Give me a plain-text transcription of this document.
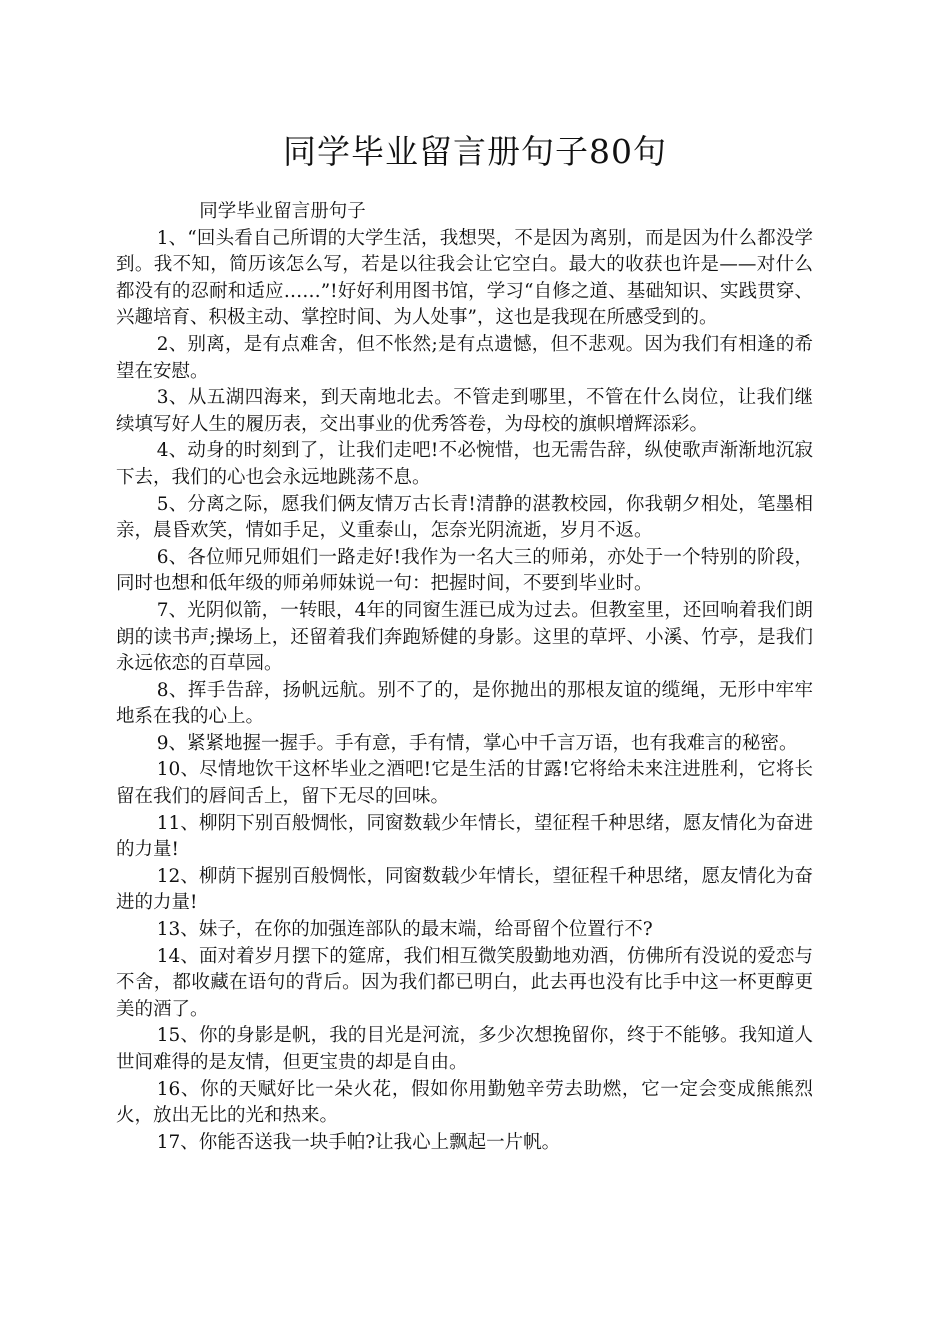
同学毕业留言册句子80句

同学毕业留言册句子

1、“回头看自己所谓的大学生活，我想哭，不是因为离别，而是因为什么都没学到。我不知，简历该怎么写，若是以往我会让它空白。最大的收获也许是——对什么都没有的忍耐和适应……”!好好利用图书馆，学习“自修之道、基础知识、实践贯穿、兴趣培育、积极主动、掌控时间、为人处事”，这也是我现在所感受到的。

2、别离，是有点难舍，但不怅然;是有点遗憾，但不悲观。因为我们有相逢的希望在安慰。

3、从五湖四海来，到天南地北去。不管走到哪里，不管在什么岗位，让我们继续填写好人生的履历表，交出事业的优秀答卷，为母校的旗帜增辉添彩。

4、动身的时刻到了，让我们走吧!不必惋惜，也无需告辞，纵使歌声渐渐地沉寂下去，我们的心也会永远地跳荡不息。

5、分离之际，愿我们俩友情万古长青!清静的湛教校园，你我朝夕相处，笔墨相亲，晨昏欢笑，情如手足，义重泰山，怎奈光阴流逝，岁月不返。

6、各位师兄师姐们一路走好!我作为一名大三的师弟，亦处于一个特别的阶段，同时也想和低年级的师弟师妹说一句：把握时间，不要到毕业时。

7、光阴似箭，一转眼，4年的同窗生涯已成为过去。但教室里，还回响着我们朗朗的读书声;操场上，还留着我们奔跑矫健的身影。这里的草坪、小溪、竹亭，是我们永远依恋的百草园。

8、挥手告辞，扬帆远航。别不了的，是你抛出的那根友谊的缆绳，无形中牢牢地系在我的心上。

9、紧紧地握一握手。手有意，手有情，掌心中千言万语，也有我难言的秘密。

10、尽情地饮干这杯毕业之酒吧!它是生活的甘露!它将给未来注进胜利，它将长留在我们的唇间舌上，留下无尽的回味。

11、柳阴下别百般惆怅，同窗数载少年情长，望征程千种思绪，愿友情化为奋进的力量!

12、柳荫下握别百般惆怅，同窗数载少年情长，望征程千种思绪，愿友情化为奋进的力量!

13、妹子，在你的加强连部队的最末端，给哥留个位置行不?

14、面对着岁月摆下的筵席，我们相互微笑殷勤地劝酒，仿佛所有没说的爱恋与不舍，都收藏在语句的背后。因为我们都已明白，此去再也没有比手中这一杯更醇更美的酒了。

15、你的身影是帆，我的目光是河流，多少次想挽留你，终于不能够。我知道人世间难得的是友情，但更宝贵的却是自由。

16、你的天赋好比一朵火花，假如你用勤勉辛劳去助燃，它一定会变成熊熊烈火，放出无比的光和热来。

17、你能否送我一块手帕?让我心上飘起一片帆。
